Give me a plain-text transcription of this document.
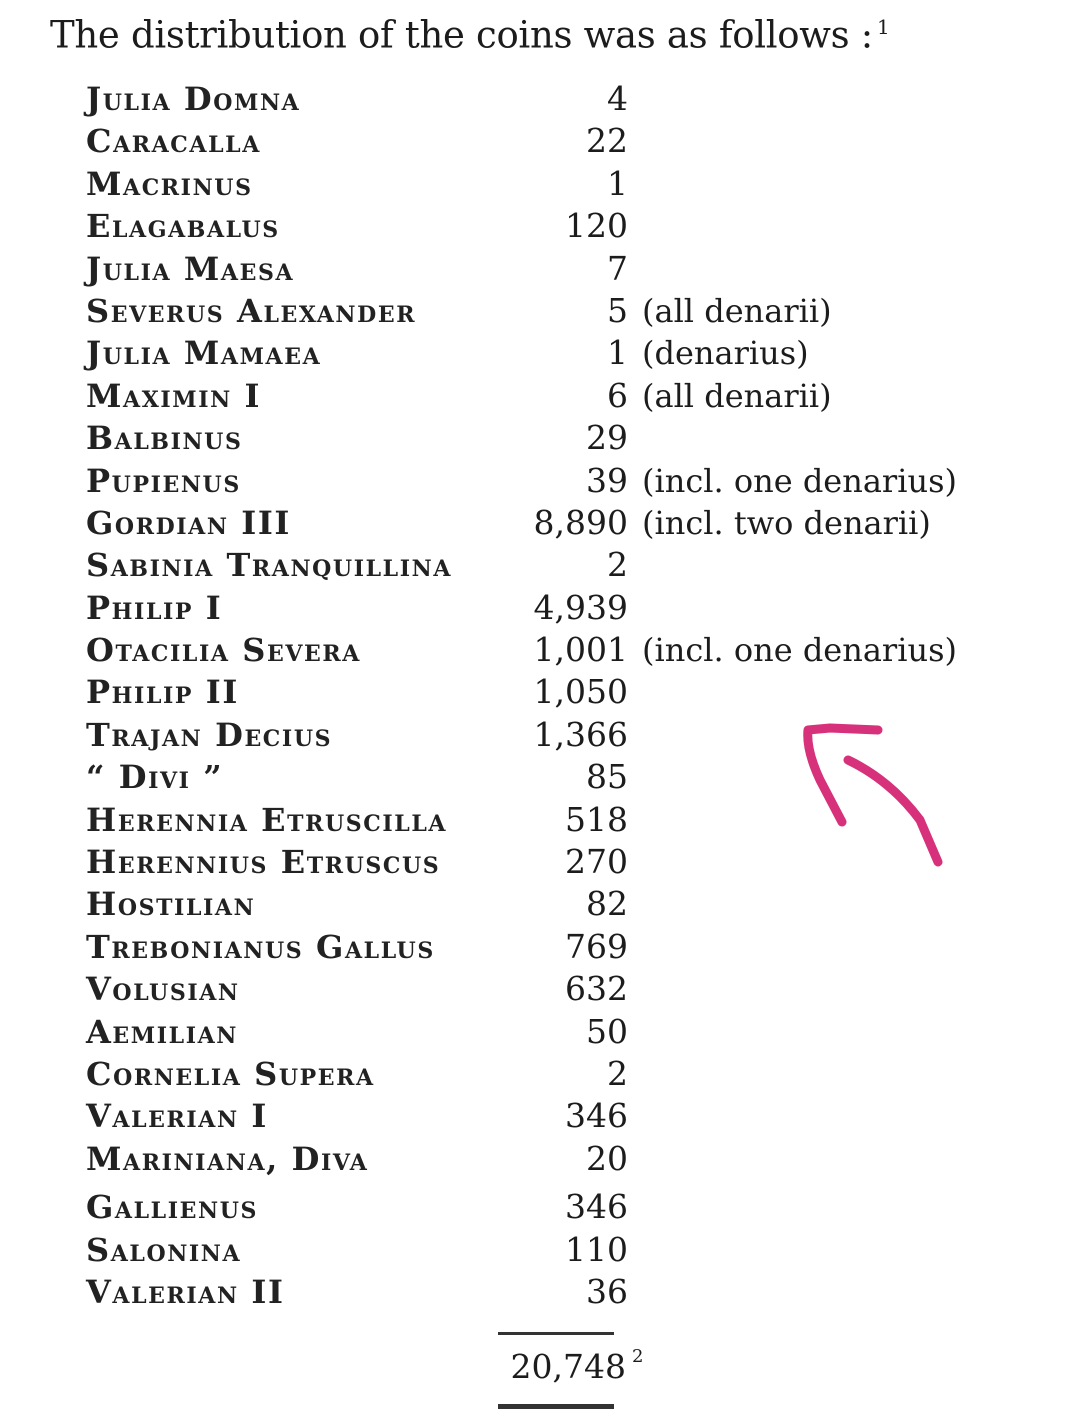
The distribution of the coins was as follows : $^1$
Julia Domna	4
Caracalla	22
Macrinus	1
Elagabalus	120
Julia Maesa	7
Severus Alexander	5 (all denarii)
Julia Mamaea	1 (denarius)
Maximin I	6 (all denarii)
Balbinus	29
Pupienus	39 (incl. one denarius)
Gordian III	8,890 (incl. two denarii)
Sabinia Tranquillina	2
Philip I	4,939
Otacilia Severa	1,001 (incl. one denarius)
Philip II	1,050
Trajan Decius	1,366
“ Divi ”	85
Herennia Etruscilla	518
Herennius Etruscus	270
Hostilian	82
Trebonianus Gallus	769
Volusian	632
Aemilian	50
Cornelia Supera	2
Valerian I	346
Mariniana, Diva	20
Gallienus	346
Salonina	110
Valerian II	36
20,748 2
